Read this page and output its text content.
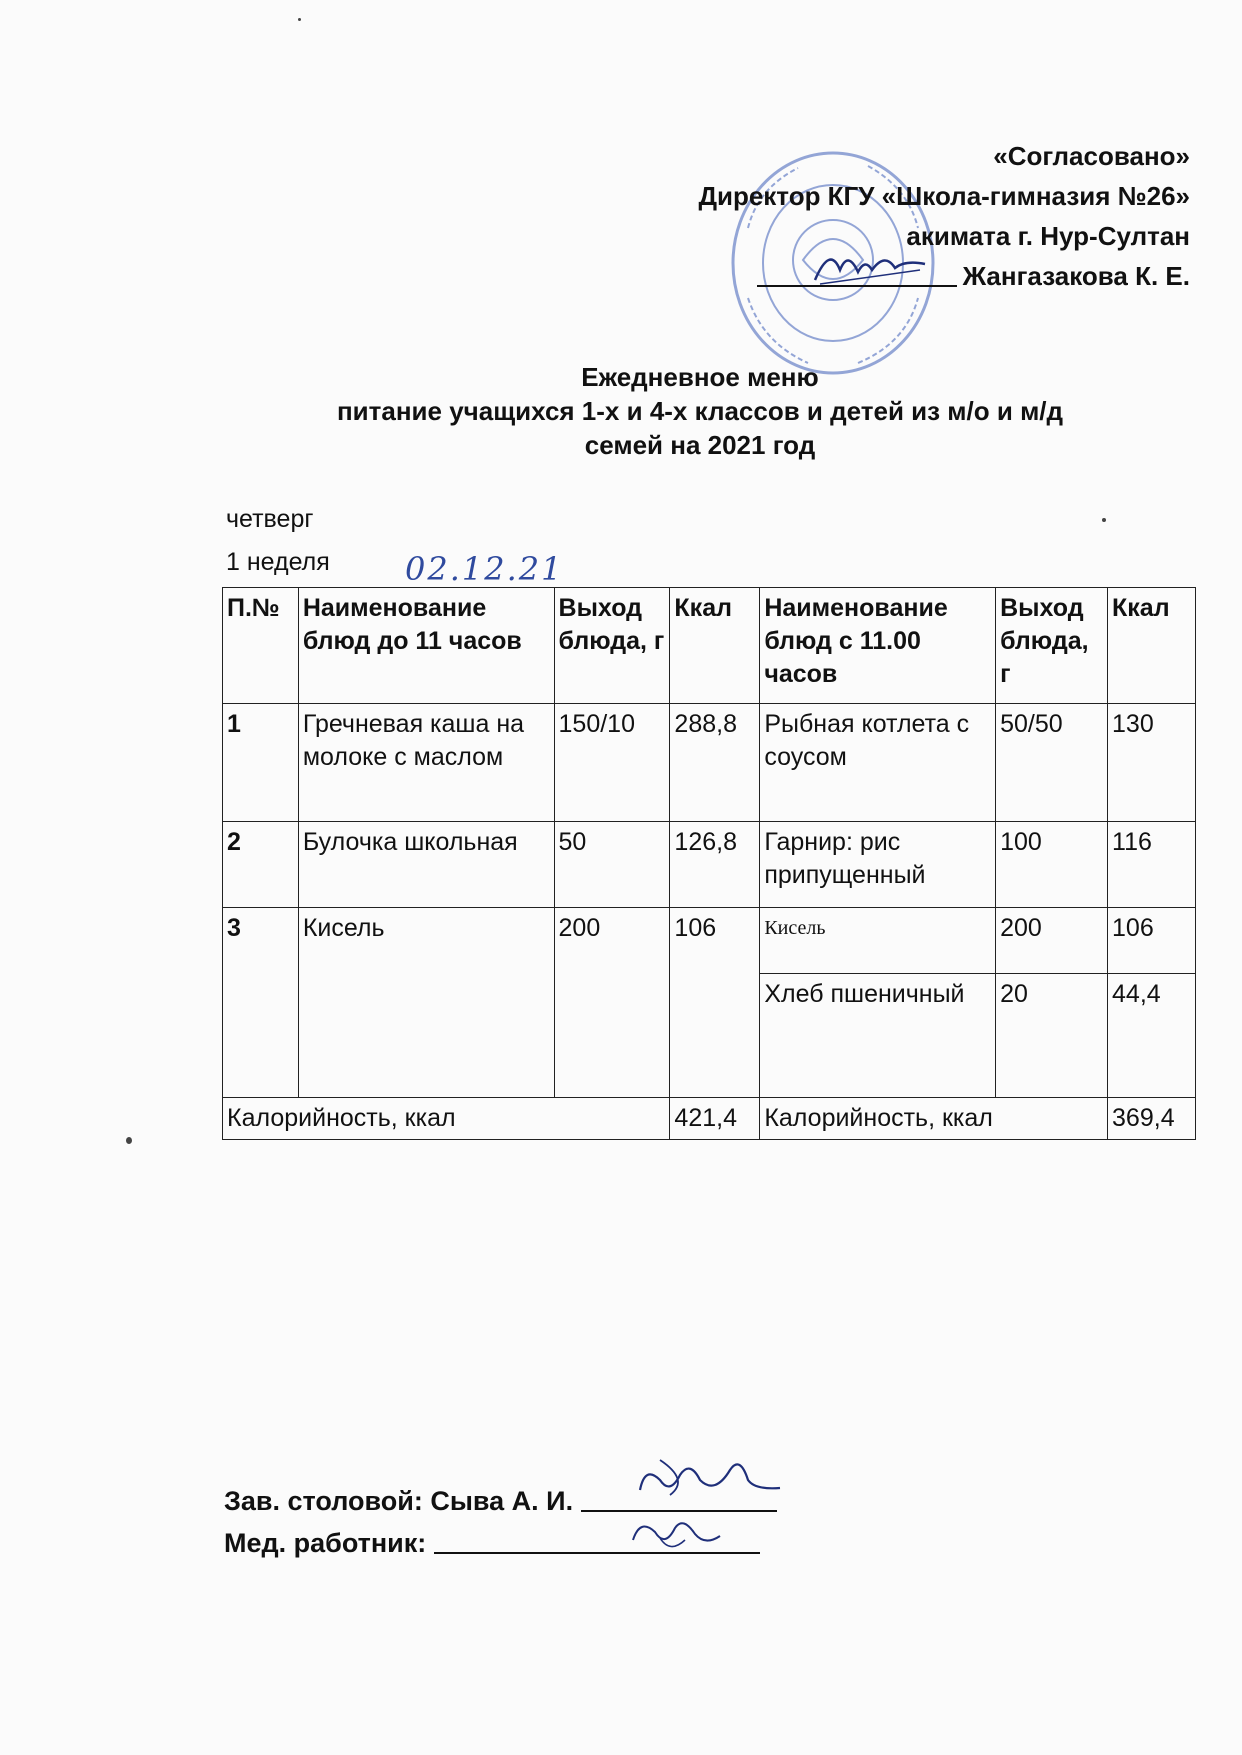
«Согласовано»
Директор КГУ «Школа-гимназия №26»
акимата г. Нур-Султан
Жангазакова К. Е.
Ежедневное меню
питание учащихся 1-х и 4-х классов и детей из м/о и м/д
семей на 2021 год
четверг
1 неделя 02.12.21
П.№	Наименование блюд до 11 часов	Выход блюда, г	Ккал	Наименование блюд с 11.00 часов	Выход блюда, г	Ккал
1	Гречневая каша на молоке с маслом	150/10	288,8	Рыбная котлета с соусом	50/50	130
2	Булочка школьная	50	126,8	Гарнир: рис припущенный	100	116
3	Кисель	200	106	Кисель	200	106
				Хлеб пшеничный	20	44,4
Калорийность, ккал			421,4	Калорийность, ккал		369,4
Зав. столовой: Сыва А. И.
Мед. работник:
